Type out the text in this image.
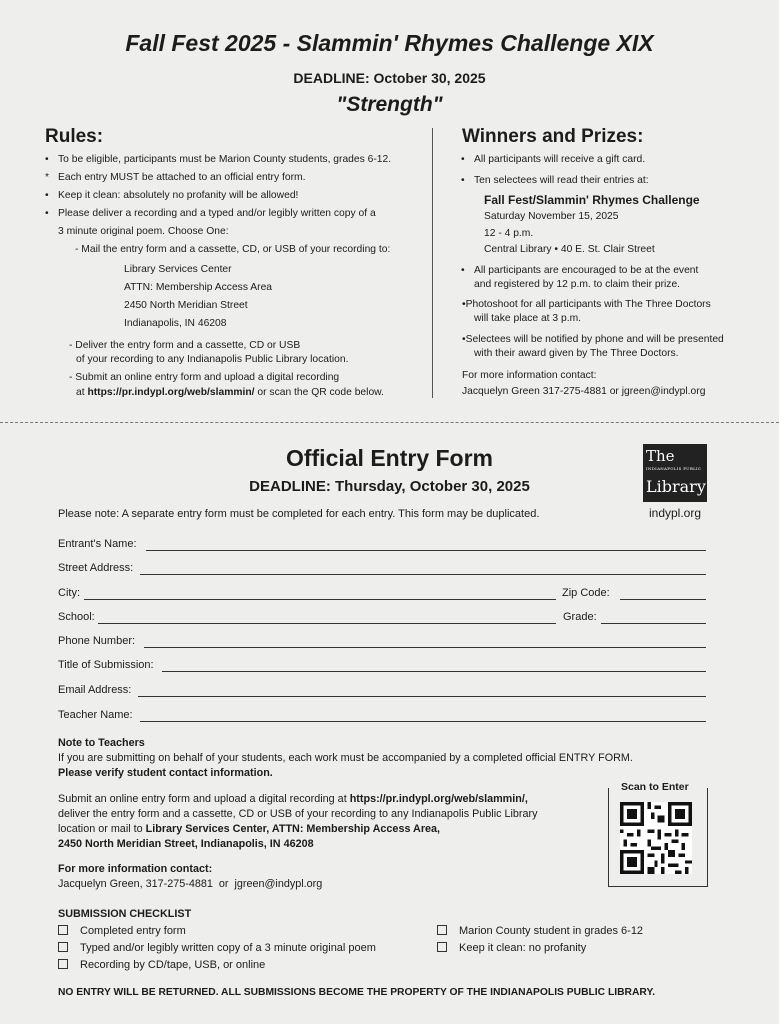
Fall Fest 2025 - Slammin' Rhymes Challenge XIX
DEADLINE: October 30, 2025
"Strength"
Rules:
• To be eligible, participants must be Marion County students, grades 6-12.
* Each entry MUST be attached to an official entry form.
• Keep it clean: absolutely no profanity will be allowed!
• Please deliver a recording and a typed and/or legibly written copy of a
3 minute original poem. Choose One:
- Mail the entry form and a cassette, CD, or USB of your recording to:
Library Services Center
ATTN: Membership Access Area
2450 North Meridian Street
Indianapolis, IN 46208
- Deliver the entry form and a cassette, CD or USB
of your recording to any Indianapolis Public Library location.
- Submit an online entry form and upload a digital recording
at https://pr.indypl.org/web/slammin/ or scan the QR code below.
Winners and Prizes:
• All participants will receive a gift card.
• Ten selectees will read their entries at:
Fall Fest/Slammin' Rhymes Challenge
Saturday November 15, 2025
12 - 4 p.m.
Central Library • 40 E. St. Clair Street
• All participants are encouraged to be at the event
and registered by 12 p.m. to claim their prize.
•Photoshoot for all participants with The Three Doctors
will take place at 3 p.m.
•Selectees will be notified by phone and will be presented
with their award given by The Three Doctors.
For more information contact:
Jacquelyn Green 317-275-4881 or jgreen@indypl.org
Official Entry Form
DEADLINE: Thursday, October 30, 2025
The
INDIANAPOLIS PUBLIC
Library
indypl.org
Please note: A separate entry form must be completed for each entry. This form may be duplicated.
Entrant's Name:
Street Address:
City:	Zip Code:
School:	Grade:
Phone Number:
Title of Submission:
Email Address:
Teacher Name:
Note to Teachers
If you are submitting on behalf of your students, each work must be accompanied by a completed official ENTRY FORM.
Please verify student contact information.
Submit an online entry form and upload a digital recording at https://pr.indypl.org/web/slammin/,
deliver the entry form and a cassette, CD or USB of your recording to any Indianapolis Public Library
location or mail to Library Services Center, ATTN: Membership Access Area,
2450 North Meridian Street, Indianapolis, IN 46208
Scan to Enter
For more information contact:
Jacquelyn Green, 317-275-4881  or  jgreen@indypl.org
SUBMISSION CHECKLIST
Completed entry form
Typed and/or legibly written copy of a 3 minute original poem
Recording by CD/tape, USB, or online
Marion County student in grades 6-12
Keep it clean: no profanity
NO ENTRY WILL BE RETURNED. ALL SUBMISSIONS BECOME THE PROPERTY OF THE INDIANAPOLIS PUBLIC LIBRARY.
